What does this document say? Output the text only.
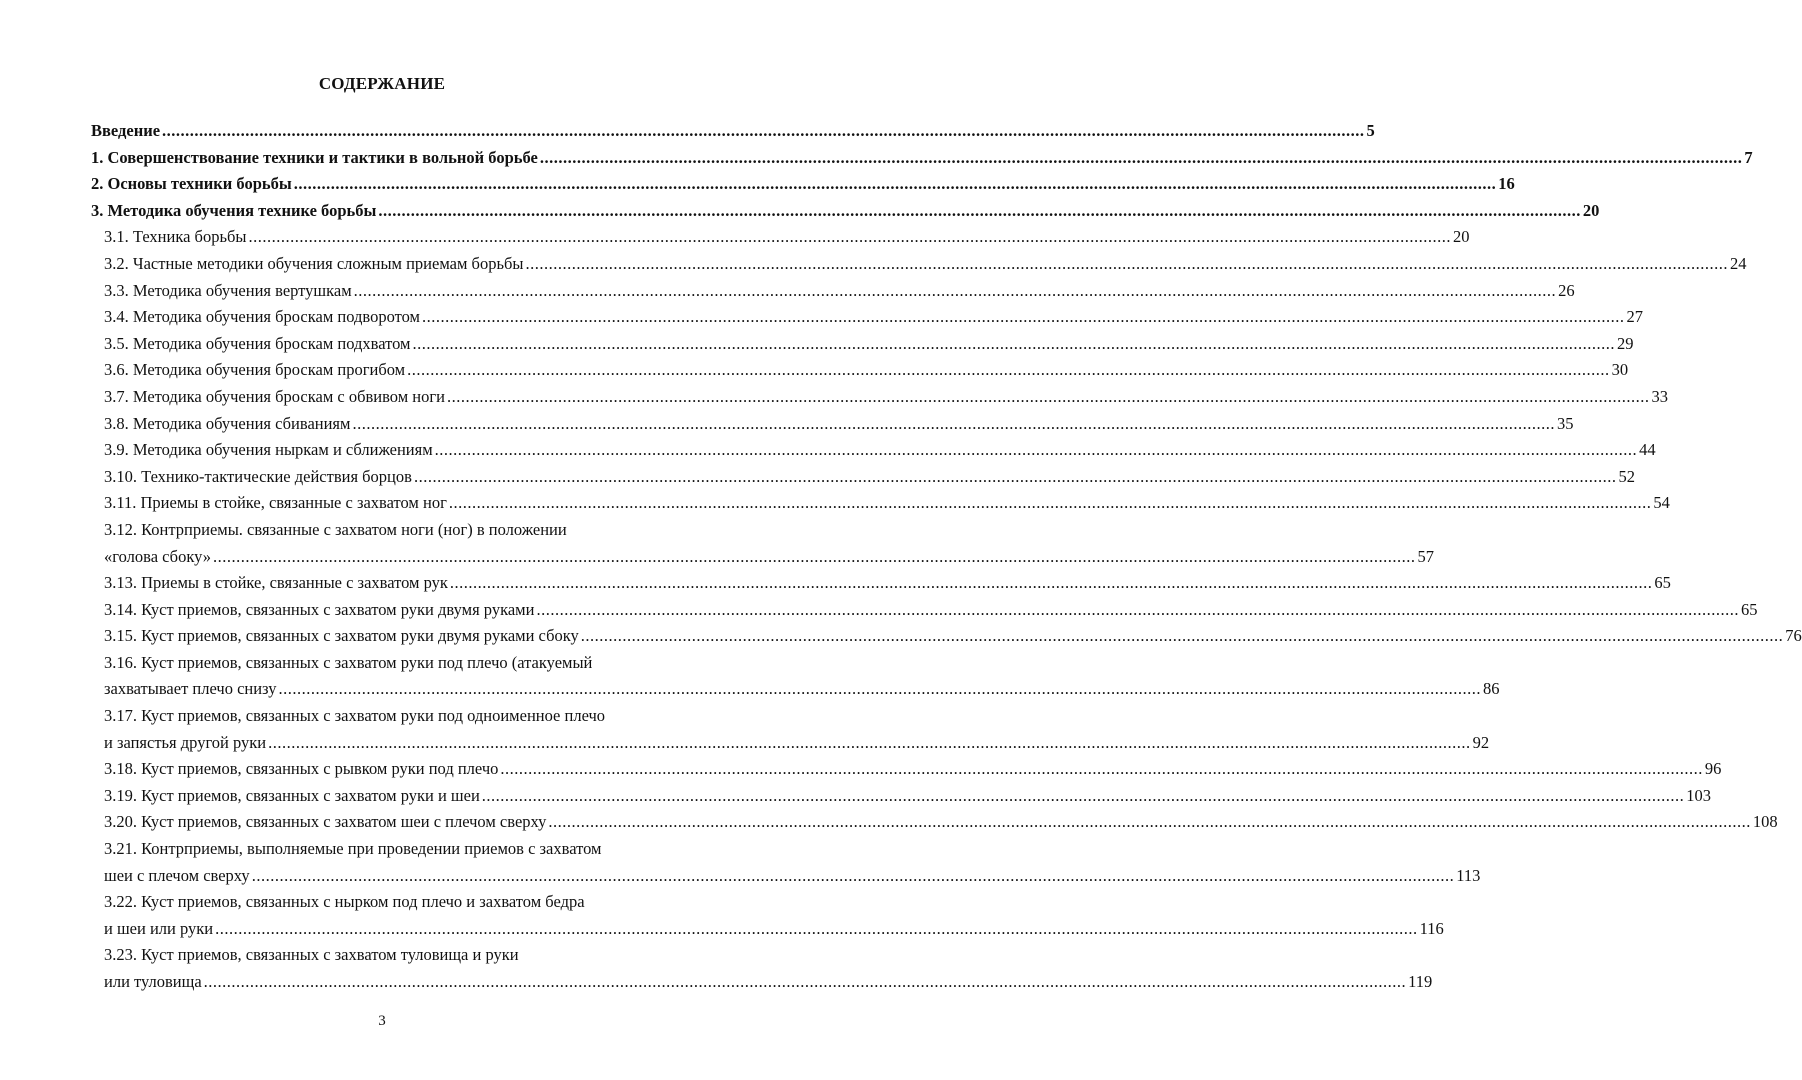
СОДЕРЖАНИЕ
Введение .....	5
1. Совершенствование техники и тактики в вольной борьбе .....	7
2. Основы техники борьбы .....	16
3. Методика обучения технике борьбы .....	20
3.1. Техника борьбы .....	20
3.2. Частные методики обучения сложным приемам борьбы .....	24
3.3. Методика обучения вертушкам .....	26
3.4. Методика обучения броскам подворотом .....	27
3.5. Методика обучения броскам подхватом .....	29
3.6. Методика обучения броскам прогибом .....	30
3.7. Методика обучения броскам с обвивом ноги .....	33
3.8. Методика обучения сбиваниям .....	35
3.9. Методика обучения ныркам и сближениям .....	44
3.10. Технико-тактические действия борцов .....	52
3.11. Приемы в стойке, связанные с захватом ног .....	54
3.12. Контрприемы. связанные с захватом ноги (ног) в положении
«голова сбоку» .....	57
3.13. Приемы в стойке, связанные с захватом рук .....	65
3.14. Куст приемов, связанных с захватом руки двумя руками .....	65
3.15. Куст приемов, связанных с захватом руки двумя руками сбоку .....	76
3.16. Куст приемов, связанных с захватом руки под плечо (атакуемый
захватывает плечо снизу .....	86
3.17. Куст приемов, связанных с захватом руки под одноименное плечо
и запястья другой руки .....	92
3.18. Куст приемов, связанных с рывком руки под плечо .....	96
3.19. Куст приемов, связанных с захватом руки и шеи .....	103
3.20. Куст приемов, связанных с захватом шеи с плечом сверху .....	108
3.21. Контрприемы, выполняемые при проведении приемов с захватом
шеи с плечом сверху .....	113
3.22. Куст приемов, связанных с нырком под плечо и захватом бедра
и шеи или руки .....	116
3.23. Куст приемов, связанных с захватом туловища и руки
или туловища .....	119
3
